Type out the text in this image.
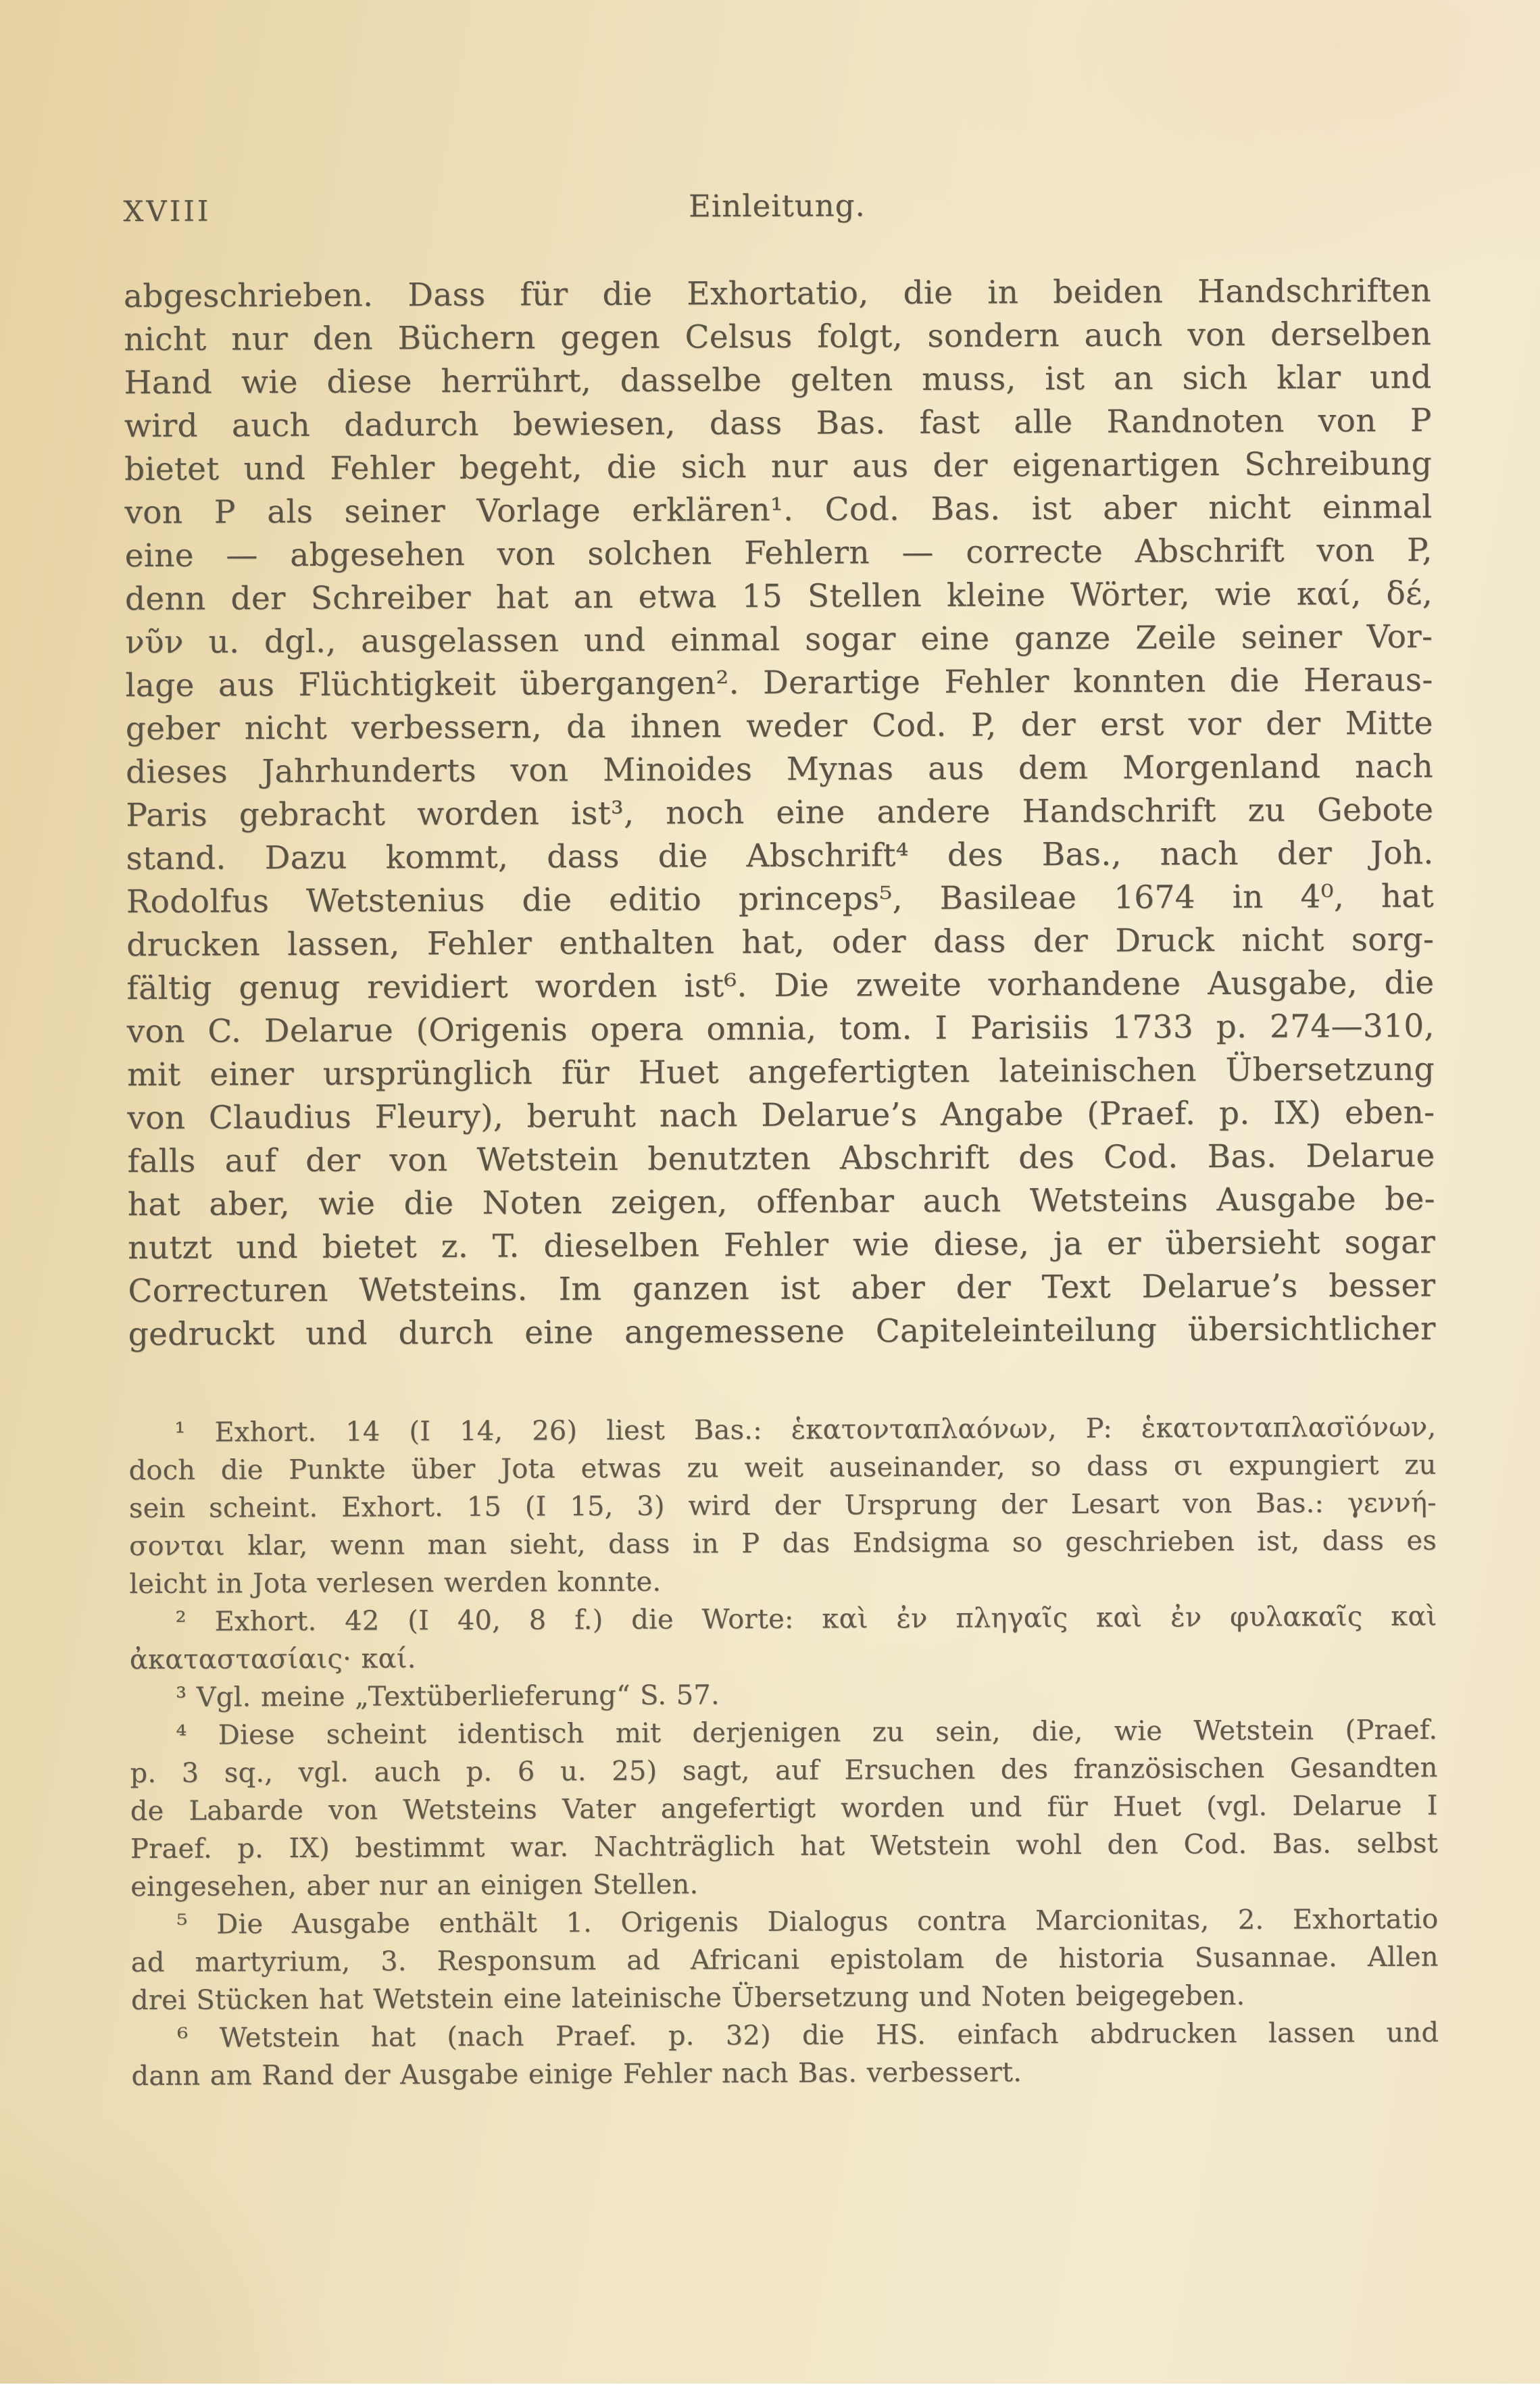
XVIII	Einleitung.
abgeschrieben. Dass für die Exhortatio, die in beiden Handschriften
nicht nur den Büchern gegen Celsus folgt, sondern auch von derselben
Hand wie diese herrührt, dasselbe gelten muss, ist an sich klar und
wird auch dadurch bewiesen, dass Bas. fast alle Randnoten von P
bietet und Fehler begeht, die sich nur aus der eigenartigen Schreibung
von P als seiner Vorlage erklären¹. Cod. Bas. ist aber nicht einmal
eine — abgesehen von solchen Fehlern — correcte Abschrift von P,
denn der Schreiber hat an etwa 15 Stellen kleine Wörter, wie καί, δέ,
νῦν u. dgl., ausgelassen und einmal sogar eine ganze Zeile seiner Vor-
lage aus Flüchtigkeit übergangen². Derartige Fehler konnten die Heraus-
geber nicht verbessern, da ihnen weder Cod. P, der erst vor der Mitte
dieses Jahrhunderts von Minoides Mynas aus dem Morgenland nach
Paris gebracht worden ist³, noch eine andere Handschrift zu Gebote
stand. Dazu kommt, dass die Abschrift⁴ des Bas., nach der Joh.
Rodolfus Wetstenius die editio princeps⁵, Basileae 1674 in 4⁰, hat
drucken lassen, Fehler enthalten hat, oder dass der Druck nicht sorg-
fältig genug revidiert worden ist⁶. Die zweite vorhandene Ausgabe, die
von C. Delarue (Origenis opera omnia, tom. I Parisiis 1733 p. 274—310,
mit einer ursprünglich für Huet angefertigten lateinischen Übersetzung
von Claudius Fleury), beruht nach Delarue’s Angabe (Praef. p. IX) eben-
falls auf der von Wetstein benutzten Abschrift des Cod. Bas. Delarue
hat aber, wie die Noten zeigen, offenbar auch Wetsteins Ausgabe be-
nutzt und bietet z. T. dieselben Fehler wie diese, ja er übersieht sogar
Correcturen Wetsteins. Im ganzen ist aber der Text Delarue’s besser
gedruckt und durch eine angemessene Capiteleinteilung übersichtlicher
¹ Exhort. 14 (I 14, 26) liest Bas.: ἑκατονταπλαόνων, P: ἑκατονταπλασϊόνων,
doch die Punkte über Jota etwas zu weit auseinander, so dass σι expungiert zu
sein scheint. Exhort. 15 (I 15, 3) wird der Ursprung der Lesart von Bas.: γεννή-
σονται klar, wenn man sieht, dass in P das Endsigma so geschrieben ist, dass es
leicht in Jota verlesen werden konnte.
² Exhort. 42 (I 40, 8 f.) die Worte: καὶ ἐν πληγαῖς καὶ ἐν φυλακαῖς καὶ
ἀκαταστασίαις· καί.
³ Vgl. meine „Textüberlieferung“ S. 57.
⁴ Diese scheint identisch mit derjenigen zu sein, die, wie Wetstein (Praef.
p. 3 sq., vgl. auch p. 6 u. 25) sagt, auf Ersuchen des französischen Gesandten
de Labarde von Wetsteins Vater angefertigt worden und für Huet (vgl. Delarue I
Praef. p. IX) bestimmt war. Nachträglich hat Wetstein wohl den Cod. Bas. selbst
eingesehen, aber nur an einigen Stellen.
⁵ Die Ausgabe enthält 1. Origenis Dialogus contra Marcionitas, 2. Exhortatio
ad martyrium, 3. Responsum ad Africani epistolam de historia Susannae. Allen
drei Stücken hat Wetstein eine lateinische Übersetzung und Noten beigegeben.
⁶ Wetstein hat (nach Praef. p. 32) die HS. einfach abdrucken lassen und
dann am Rand der Ausgabe einige Fehler nach Bas. verbessert.
